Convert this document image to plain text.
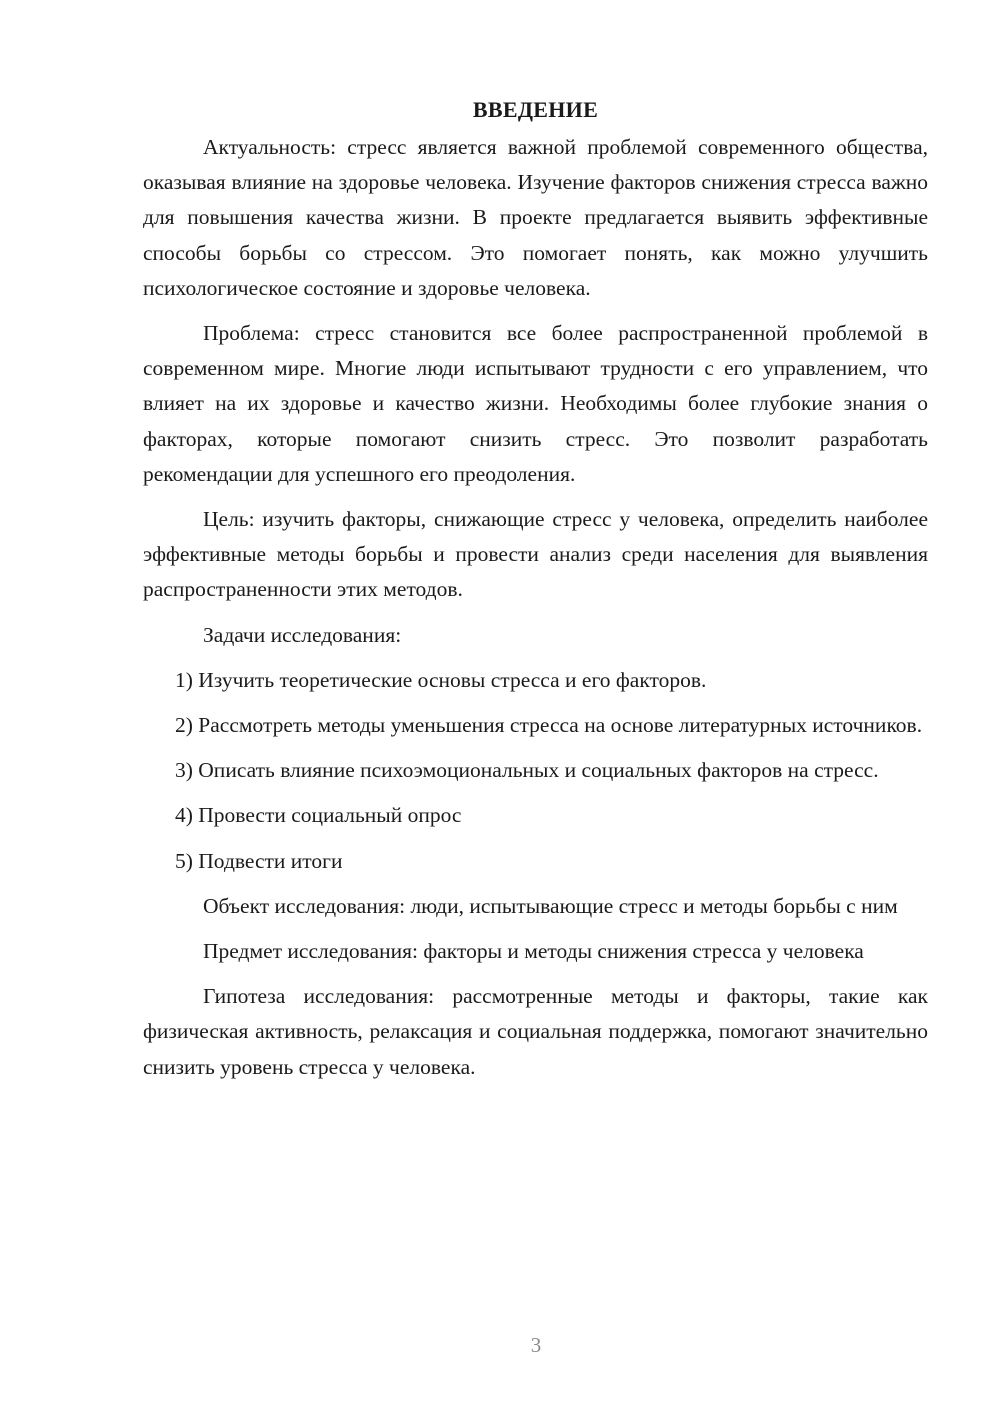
ВВЕДЕНИЕ

Актуальность: стресс является важной проблемой современного общества, оказывая влияние на здоровье человека. Изучение факторов снижения стресса важно для повышения качества жизни. В проекте предлагается выявить эффективные способы борьбы со стрессом. Это помогает понять, как можно улучшить психологическое состояние и здоровье человека.

Проблема: стресс становится все более распространенной проблемой в современном мире. Многие люди испытывают трудности с его управлением, что влияет на их здоровье и качество жизни. Необходимы более глубокие знания о факторах, которые помогают снизить стресс. Это позволит разработать рекомендации для успешного его преодоления.

Цель: изучить факторы, снижающие стресс у человека, определить наиболее эффективные методы борьбы и провести анализ среди населения для выявления распространенности этих методов.

Задачи исследования:

1) Изучить теоретические основы стресса и его факторов.

2) Рассмотреть методы уменьшения стресса на основе литературных источников.

3) Описать влияние психоэмоциональных и социальных факторов на стресс.

4) Провести социальный опрос

5) Подвести итоги

Объект исследования: люди, испытывающие стресс и методы борьбы с ним

Предмет исследования: факторы и методы снижения стресса у человека

Гипотеза исследования: рассмотренные методы и факторы, такие как физическая активность, релаксация и социальная поддержка, помогают значительно снизить уровень стресса у человека.

3
